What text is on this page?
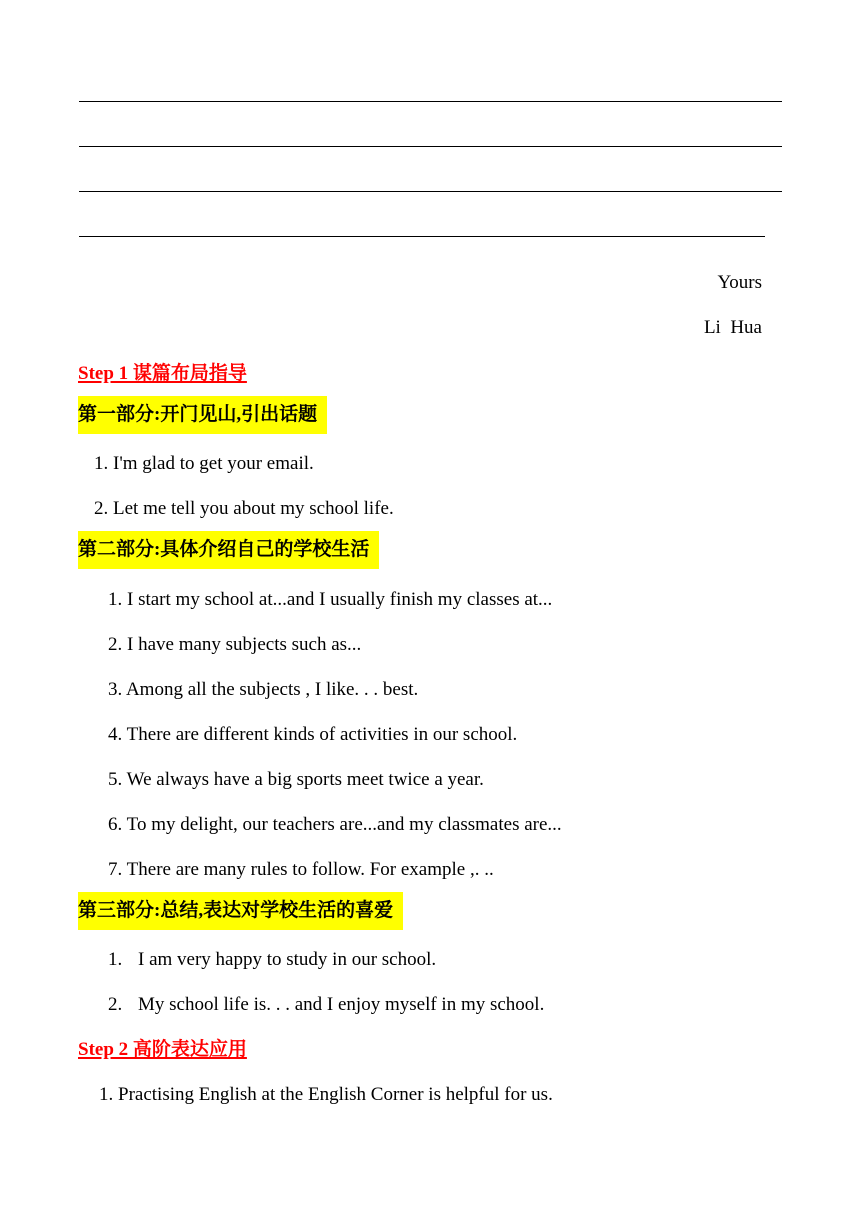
Yours
Li  Hua
Step 1 谋篇布局指导
第一部分:开门见山,引出话题
1. I'm glad to get your email.
2. Let me tell you about my school life.
第二部分:具体介绍自己的学校生活
1. I start my school at...and I usually finish my classes at...
2. I have many subjects such as...
3. Among all the subjects , I like. . . best.
4. There are different kinds of activities in our school.
5. We always have a big sports meet twice a year.
6. To my delight, our teachers are...and my classmates are...
7. There are many rules to follow. For example ,. ..
第三部分:总结,表达对学校生活的喜爱
1. I am very happy to study in our school.
2. My school life is. . . and I enjoy myself in my school.
Step 2 高阶表达应用
1. Practising English at the English Corner is helpful for us.
